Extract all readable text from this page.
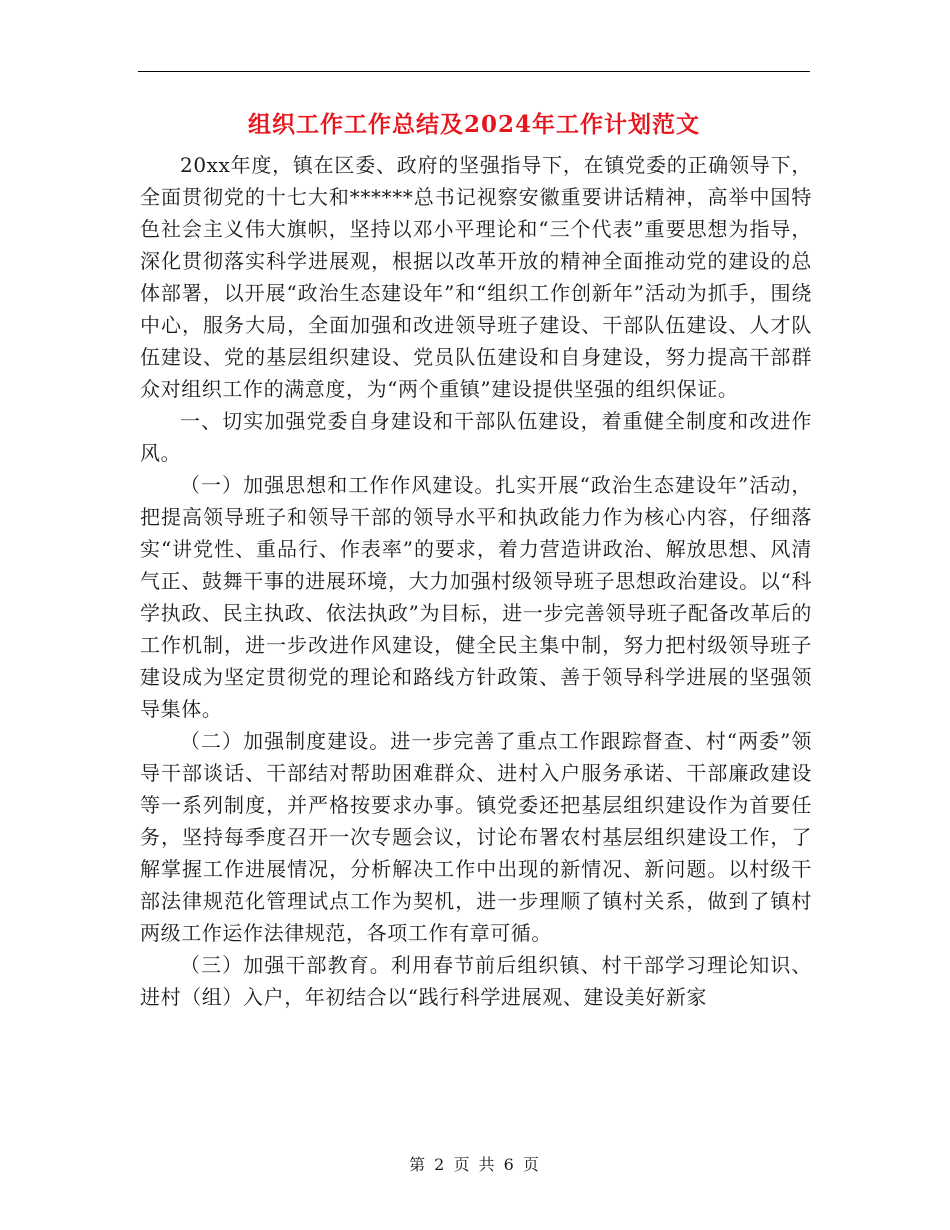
组织工作工作总结及2024年工作计划范文

20xx年度，镇在区委、政府的坚强指导下，在镇党委的正确领导下，全面贯彻党的十七大和******总书记视察安徽重要讲话精神，高举中国特色社会主义伟大旗帜，坚持以邓小平理论和“三个代表”重要思想为指导，深化贯彻落实科学进展观，根据以改革开放的精神全面推动党的建设的总体部署，以开展“政治生态建设年”和“组织工作创新年”活动为抓手，围绕中心，服务大局，全面加强和改进领导班子建设、干部队伍建设、人才队伍建设、党的基层组织建设、党员队伍建设和自身建设，努力提高干部群众对组织工作的满意度，为“两个重镇”建设提供坚强的组织保证。

一、切实加强党委自身建设和干部队伍建设，着重健全制度和改进作风。

（一）加强思想和工作作风建设。扎实开展“政治生态建设年”活动，把提高领导班子和领导干部的领导水平和执政能力作为核心内容，仔细落实“讲党性、重品行、作表率”的要求，着力营造讲政治、解放思想、风清气正、鼓舞干事的进展环境，大力加强村级领导班子思想政治建设。以“科学执政、民主执政、依法执政”为目标，进一步完善领导班子配备改革后的工作机制，进一步改进作风建设，健全民主集中制，努力把村级领导班子建设成为坚定贯彻党的理论和路线方针政策、善于领导科学进展的坚强领导集体。

（二）加强制度建设。进一步完善了重点工作跟踪督查、村“两委”领导干部谈话、干部结对帮助困难群众、进村入户服务承诺、干部廉政建设等一系列制度，并严格按要求办事。镇党委还把基层组织建设作为首要任务，坚持每季度召开一次专题会议，讨论布署农村基层组织建设工作，了解掌握工作进展情况，分析解决工作中出现的新情况、新问题。以村级干部法律规范化管理试点工作为契机，进一步理顺了镇村关系，做到了镇村两级工作运作法律规范，各项工作有章可循。

（三）加强干部教育。利用春节前后组织镇、村干部学习理论知识、进村（组）入户，年初结合以“践行科学进展观、建设美好新家

第 2 页 共 6 页
